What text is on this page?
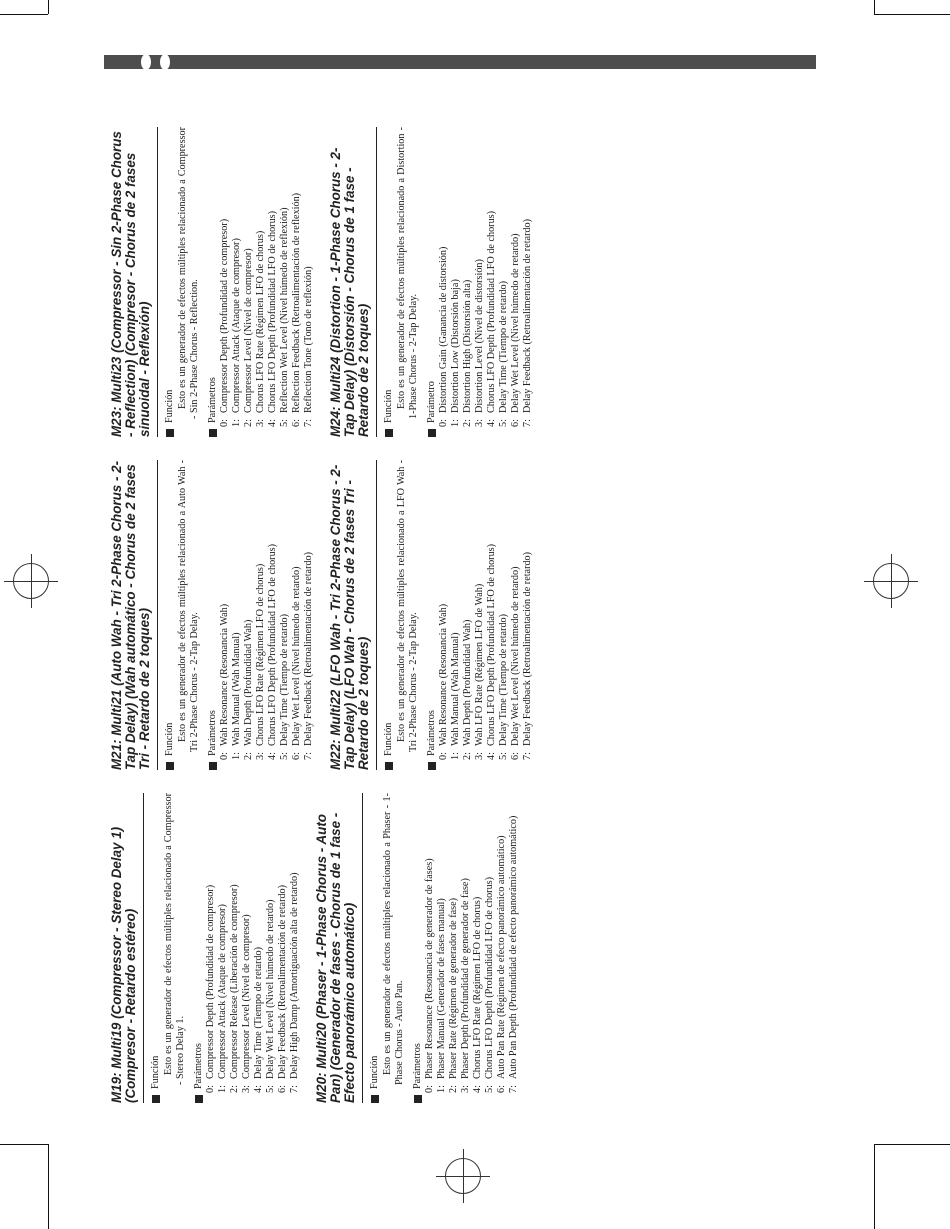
M19: Multi19 (Compressor - Stereo Delay 1) (Compresor - Retardo estéreo)	Función Esto es un generador de efectos múltiples relacionado a Compressor - Stereo Delay 1. Parámetros 0:
Compressor Depth (Profundidad de compresor)
1:
Compressor Attack (Ataque de compresor)
2:
Compressor Release (Liberación de compresor)
3:
Compressor Level (Nivel de compresor)
4:
Delay Time (Tiempo de retardo)
5:
Delay Wet Level (Nivel húmedo de retardo)
6:
Delay Feedback (Retroalimentación de retardo)
7:
Delay High Damp (Amortiguación alta de retardo)
M20: Multi20 (Phaser - 1-Phase Chorus - Auto Pan) (Generador de fases - Chorus de 1 fase - Efecto panorámico automático)	Función Esto es un generador de efectos múltiples relacionado a Phaser - 1-Phase Chorus - Auto Pan. Parámetros 0:
Phaser Resonance (Resonancia de generador de fases)
1:
Phaser Manual (Generador de fases manual)
2:
Phaser Rate (Régimen de generador de fase)
3:
Phaser Depth (Profundidad de generador de fase)
4:
Chorus LFO Rate (Régimen LFO de chorus)
5:
Chorus LFO Depth (Profundidad LFO de chorus)
6:
Auto Pan Rate (Régimen de efecto panorámico automático)
7:
Auto Pan Depth (Profundidad de efecto panorámico automático)
M21: Multi21 (Auto Wah - Tri 2-Phase Chorus - 2-Tap Delay) (Wah automático - Chorus de 2 fases Tri - Retardo de 2 toques)	Función Esto es un generador de efectos múltiples relacionado a Auto Wah - Tri 2-Phase Chorus - 2-Tap Delay. Parámetros 0:
Wah Resonance (Resonancia Wah)
1:
Wah Manual (Wah Manual)
2:
Wah Depth (Profundidad Wah)
3:
Chorus LFO Rate (Régimen LFO de chorus)
4:
Chorus LFO Depth (Profundidad LFO de chorus)
5:
Delay Time (Tiempo de retardo)
6:
Delay Wet Level (Nivel húmedo de retardo)
7:
Delay Feedback (Retroalimentación de retardo)
M22: Multi22 (LFO Wah - Tri 2-Phase Chorus - 2-Tap Delay) (LFO Wah - Chorus de 2 fases Tri - Retardo de 2 toques)	Función Esto es un generador de efectos múltiples relacionado a LFO Wah - Tri 2-Phase Chorus - 2-Tap Delay. Parámetros 0:
Wah Resonance (Resonancia Wah)
1:
Wah Manual (Wah Manual)
2:
Wah Depth (Profundidad Wah)
3:
Wah LFO Rate (Régimen LFO de Wah)
4:
Chorus LFO Depth (Profundidad LFO de chorus)
5:
Delay Time (Tiempo de retardo)
6:
Delay Wet Level (Nivel húmedo de retardo)
7:
Delay Feedback (Retroalimentación de retardo)
M23: Multi23 (Compressor - Sin 2-Phase Chorus - Reflection) (Compresor - Chorus de 2 fases sinuoidal - Reflexión)	Función Esto es un generador de efectos múltiples relacionado a Compressor - Sin 2-Phase Chorus - Reflection. Parámetros 0:
Compressor Depth (Profundidad de compresor)
1:
Compressor Attack (Ataque de compresor)
2:
Compressor Level (Nivel de compresor)
3:
Chorus LFO Rate (Régimen LFO de chorus)
4:
Chorus LFO Depth (Profundidad LFO de chorus)
5:
Reflection Wet Level (Nivel húmedo de reflexión)
6:
Reflection Feedback (Retroalimentación de reflexión)
7:
Reflection Tone (Tono de reflexión)
M24: Multi24 (Distortion - 1-Phase Chorus - 2-Tap Delay) (Distorsión - Chorus de 1 fase - Retardo de 2 toques)	Función Esto es un generador de efectos múltiples relacionado a Distortion - 1-Phase Chorus - 2-Tap Delay. Parámetro 0:
Distortion Gain (Ganancia de distorsión)
1:
Distortion Low (Distorsión baja)
2:
Distortion High (Distorsión alta)
3:
Distortion Level (Nivel de distorsión)
4:
Chorus LFO Depth (Profundidad LFO de chorus)
5:
Delay Time (Tiempo de retardo)
6:
Delay Wet Level (Nivel húmedo de retardo)
7:
Delay Feedback (Retroalimentación de retardo)
